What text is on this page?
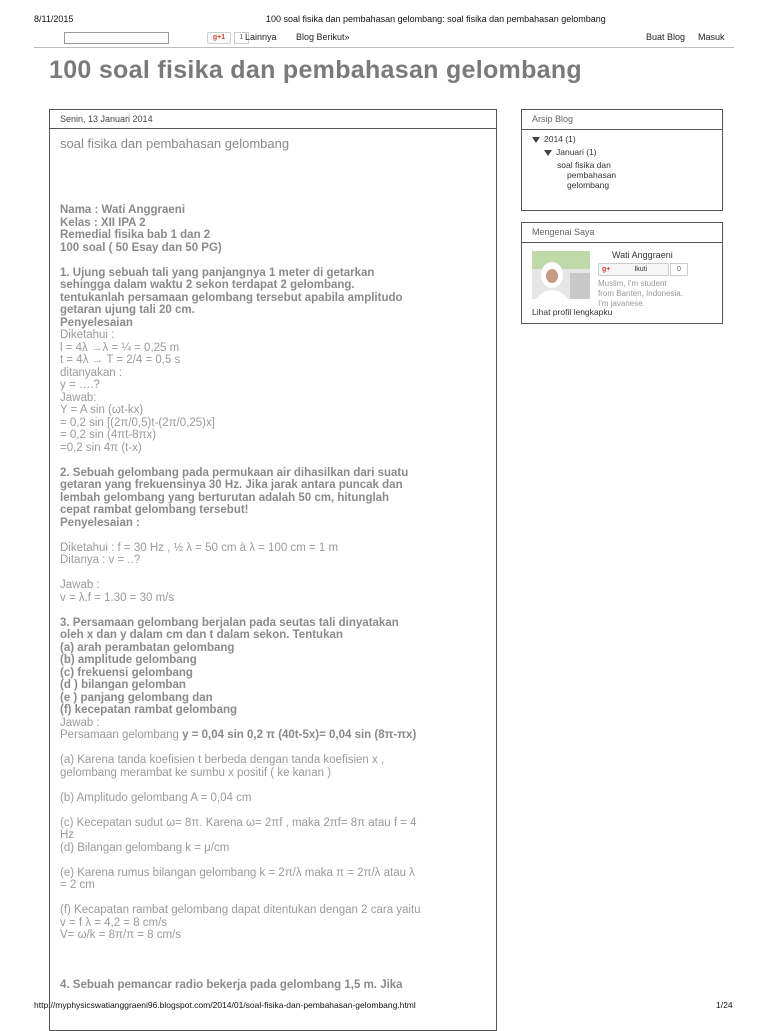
8/11/2015	100 soal fisika dan pembahasan gelombang: soal fisika dan pembahasan gelombang
g+1	1 Lainnya Blog Berikut»	Buat Blog Masuk
100 soal fisika dan pembahasan gelombang
Senin, 13 Januari 2014
soal fisika dan pembahasan gelombang
Nama : Wati Anggraeni
Kelas : XII IPA 2
Remedial fisika bab 1 dan 2
100 soal ( 50 Esay dan 50 PG)
1. Ujung sebuah tali yang panjangnya 1 meter di getarkan
sehingga dalam waktu 2 sekon terdapat 2 gelombang.
tentukanlah persamaan gelombang tersebut apabila amplitudo
getaran ujung tali 20 cm.
Penyelesaian
Diketahui :
l = 4λ →λ = ¼ = 0,25 m
t = 4λ → T = 2/4 = 0,5 s
ditanyakan :
y = ….?
Jawab:
Y = A sin (ωt-kx)
= 0,2 sin [(2π/0,5)t-(2π/0,25)x]
= 0,2 sin (4πt-8πx)
=0,2 sin 4π (t-x)
2. Sebuah gelombang pada permukaan air dihasilkan dari suatu
getaran yang frekuensinya 30 Hz. Jika jarak antara puncak dan
lembah gelombang yang berturutan adalah 50 cm, hitunglah
cepat rambat gelombang tersebut!
Penyelesaian :
Diketahui : f = 30 Hz , ½ λ = 50 cm à λ = 100 cm = 1 m
Ditanya : v = ..?
Jawab :
v = λ.f = 1.30 = 30 m/s
3. Persamaan gelombang berjalan pada seutas tali dinyatakan
oleh x dan y dalam cm dan t dalam sekon. Tentukan
(a) arah perambatan gelombang
(b) amplitude gelombang
(c) frekuensi gelombang
(d ) bilangan gelomban
(e ) panjang gelombang dan
(f) kecepatan rambat gelombang
Jawab :
Persamaan gelombang y = 0,04 sin 0,2 π (40t-5x)= 0,04 sin (8π-πx)
(a) Karena tanda koefisien t berbeda dengan tanda koefisien x ,
gelombang merambat ke sumbu x positif ( ke kanan )
(b) Amplitudo gelombang A = 0,04 cm
(c) Kecepatan sudut ω= 8π. Karena ω= 2πf , maka 2πf= 8π atau f = 4
Hz
(d) Bilangan gelombang k = μ/cm
(e) Karena rumus bilangan gelombang k = 2π/λ maka π = 2π/λ atau λ
= 2 cm
(f) Kecapatan rambat gelombang dapat ditentukan dengan 2 cara yaitu
v = f λ = 4,2 = 8 cm/s
V= ω/k = 8π/π = 8 cm/s
4. Sebuah pemancar radio bekerja pada gelombang 1,5 m. Jika
Arsip Blog
2014 (1)
Januari (1)
soal fisika dan
pembahasan
gelombang
Mengenai Saya
Wati Anggraeni
g+	Ikuti	0
Muslim, I'm student
from Banten, Indonesia.
I'm javanese.
Lihat profil lengkapku
http://myphysicswatianggraeni96.blogspot.com/2014/01/soal-fisika-dan-pembahasan-gelombang.html	1/24
